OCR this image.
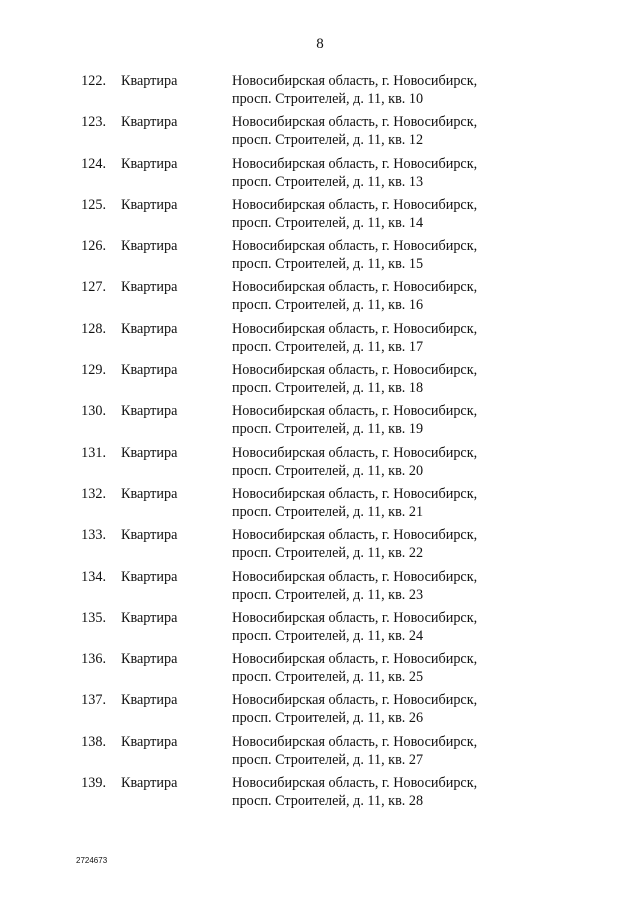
8
122. Квартира	Новосибирская область, г. Новосибирск,
просп. Строителей, д. 11, кв. 10
123. Квартира	Новосибирская область, г. Новосибирск,
просп. Строителей, д. 11, кв. 12
124. Квартира	Новосибирская область, г. Новосибирск,
просп. Строителей, д. 11, кв. 13
125. Квартира	Новосибирская область, г. Новосибирск,
просп. Строителей, д. 11, кв. 14
126. Квартира	Новосибирская область, г. Новосибирск,
просп. Строителей, д. 11, кв. 15
127. Квартира	Новосибирская область, г. Новосибирск,
просп. Строителей, д. 11, кв. 16
128. Квартира	Новосибирская область, г. Новосибирск,
просп. Строителей, д. 11, кв. 17
129. Квартира	Новосибирская область, г. Новосибирск,
просп. Строителей, д. 11, кв. 18
130. Квартира	Новосибирская область, г. Новосибирск,
просп. Строителей, д. 11, кв. 19
131. Квартира	Новосибирская область, г. Новосибирск,
просп. Строителей, д. 11, кв. 20
132. Квартира	Новосибирская область, г. Новосибирск,
просп. Строителей, д. 11, кв. 21
133. Квартира	Новосибирская область, г. Новосибирск,
просп. Строителей, д. 11, кв. 22
134. Квартира	Новосибирская область, г. Новосибирск,
просп. Строителей, д. 11, кв. 23
135. Квартира	Новосибирская область, г. Новосибирск,
просп. Строителей, д. 11, кв. 24
136. Квартира	Новосибирская область, г. Новосибирск,
просп. Строителей, д. 11, кв. 25
137. Квартира	Новосибирская область, г. Новосибирск,
просп. Строителей, д. 11, кв. 26
138. Квартира	Новосибирская область, г. Новосибирск,
просп. Строителей, д. 11, кв. 27
139. Квартира	Новосибирская область, г. Новосибирск,
просп. Строителей, д. 11, кв. 28
2724673
